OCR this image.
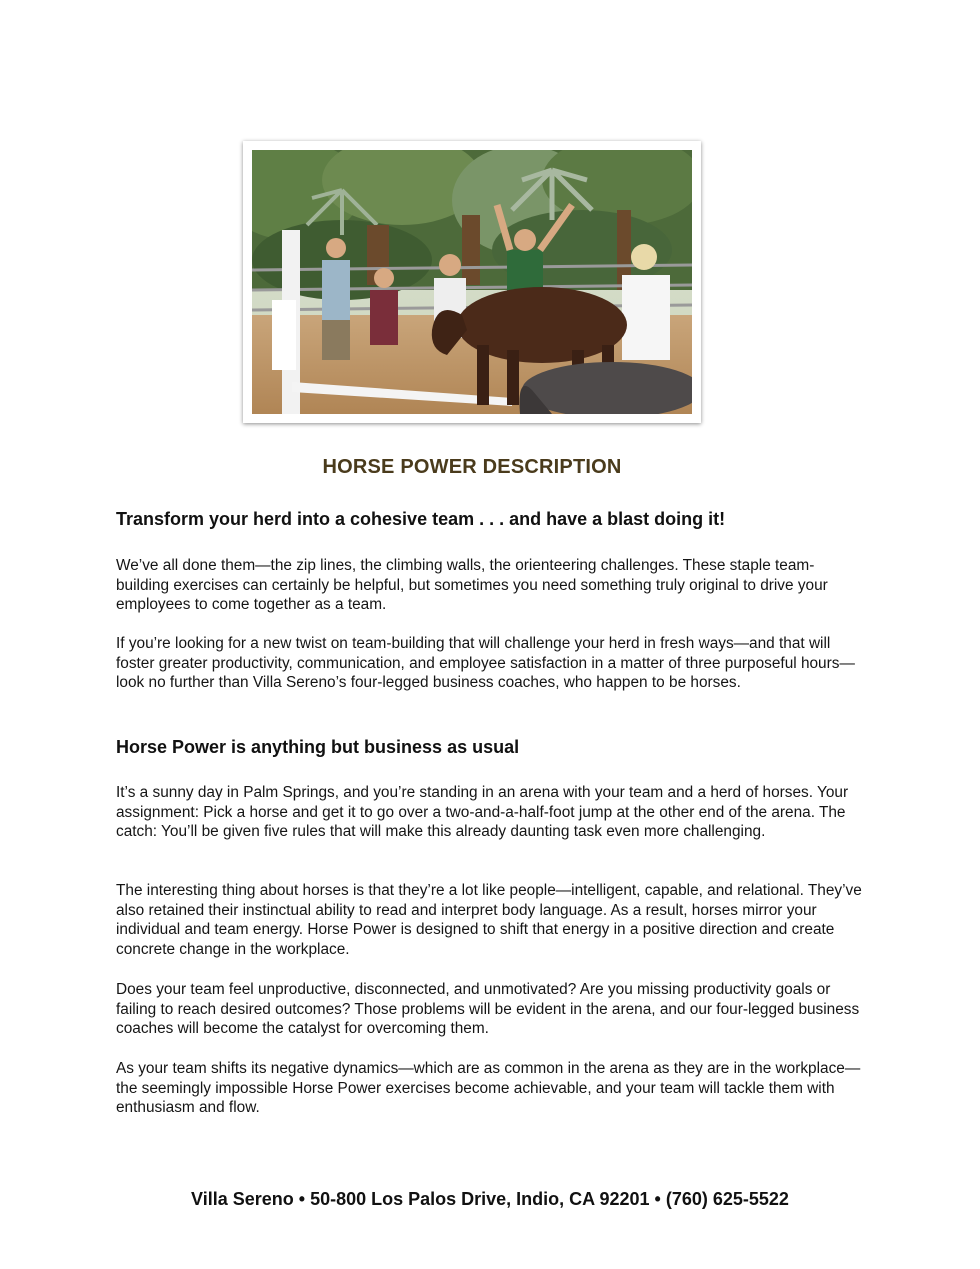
HORSE POWER DESCRIPTION
Transform your herd into a cohesive team . . . and have a blast doing it!

We’ve all done them—the zip lines, the climbing walls, the orienteering challenges. These staple team-building exercises can certainly be helpful, but sometimes you need something truly original to drive your employees to come together as a team.

If you’re looking for a new twist on team-building that will challenge your herd in fresh ways—and that will foster greater productivity, communication, and employee satisfaction in a matter of three purposeful hours—look no further than Villa Sereno’s four-legged business coaches, who happen to be horses.

Horse Power is anything but business as usual

It’s a sunny day in Palm Springs, and you’re standing in an arena with your team and a herd of horses. Your assignment: Pick a horse and get it to go over a two-and-a-half-foot jump at the other end of the arena. The catch: You’ll be given five rules that will make this already daunting task even more challenging.

The interesting thing about horses is that they’re a lot like people—intelligent, capable, and relational. They’ve also retained their instinctual ability to read and interpret body language. As a result, horses mirror your individual and team energy. Horse Power is designed to shift that energy in a positive direction and create concrete change in the workplace.

Does your team feel unproductive, disconnected, and unmotivated? Are you missing productivity goals or failing to reach desired outcomes? Those problems will be evident in the arena, and our four-legged business coaches will become the catalyst for overcoming them.

As your team shifts its negative dynamics—which are as common in the arena as they are in the workplace—the seemingly impossible Horse Power exercises become achievable, and your team will tackle them with enthusiasm and flow.

Villa Sereno • 50-800 Los Palos Drive, Indio, CA 92201 • (760) 625-5522
